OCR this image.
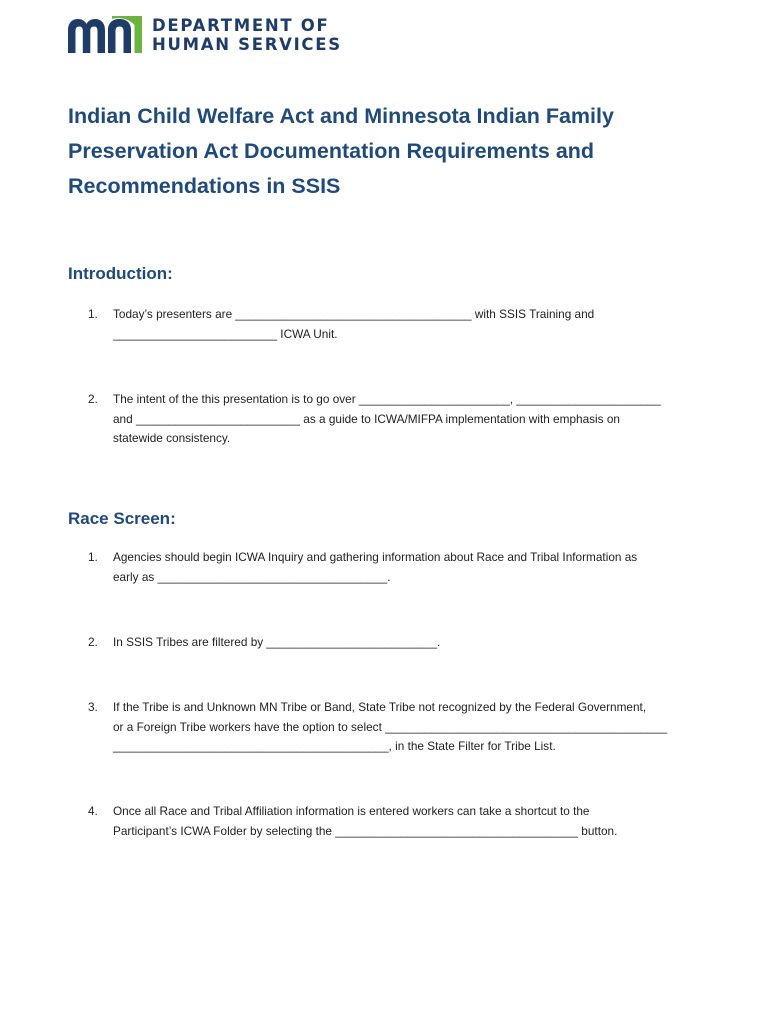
DEPARTMENT OF
HUMAN SERVICES
Indian Child Welfare Act and Minnesota Indian Family Preservation Act Documentation Requirements and Recommendations in SSIS
Introduction:
1.	Today’s presenters are ____________________________________ with SSIS Training and
_________________________ ICWA Unit.
2.	The intent of the this presentation is to go over _______________________, ______________________
and _________________________ as a guide to ICWA/MIFPA implementation with emphasis on
statewide consistency.
Race Screen:
1.	Agencies should begin ICWA Inquiry and gathering information about Race and Tribal Information as
early as ___________________________________.
2.	In SSIS Tribes are filtered by __________________________.
3.	If the Tribe is and Unknown MN Tribe or Band, State Tribe not recognized by the Federal Government,
or a Foreign Tribe workers have the option to select ___________________________________________
__________________________________________, in the State Filter for Tribe List.
4.	Once all Race and Tribal Affiliation information is entered workers can take a shortcut to the
Participant’s ICWA Folder by selecting the _____________________________________ button.
